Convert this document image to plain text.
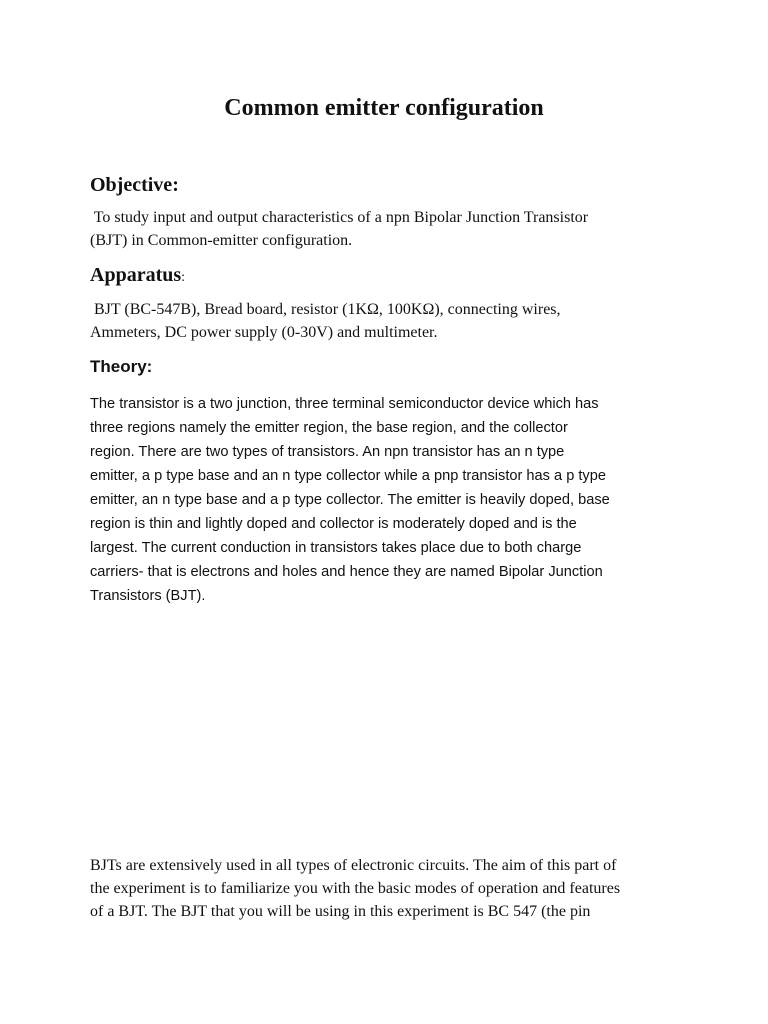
Common emitter configuration
Objective:
To study input and output characteristics of a npn Bipolar Junction Transistor
(BJT) in Common-emitter configuration.
Apparatus:
BJT (BC-547B), Bread board, resistor (1KΩ, 100KΩ), connecting wires,
Ammeters, DC power supply (0-30V) and multimeter.
Theory:
The transistor is a two junction, three terminal semiconductor device which has
three regions namely the emitter region, the base region, and the collector
region. There are two types of transistors. An npn transistor has an n type
emitter, a p type base and an n type collector while a pnp transistor has a p type
emitter, an n type base and a p type collector. The emitter is heavily doped, base
region is thin and lightly doped and collector is moderately doped and is the
largest. The current conduction in transistors takes place due to both charge
carriers- that is electrons and holes and hence they are named Bipolar Junction
Transistors (BJT).
BJTs are extensively used in all types of electronic circuits. The aim of this part of
the experiment is to familiarize you with the basic modes of operation and features
of a BJT. The BJT that you will be using in this experiment is BC 547 (the pin
